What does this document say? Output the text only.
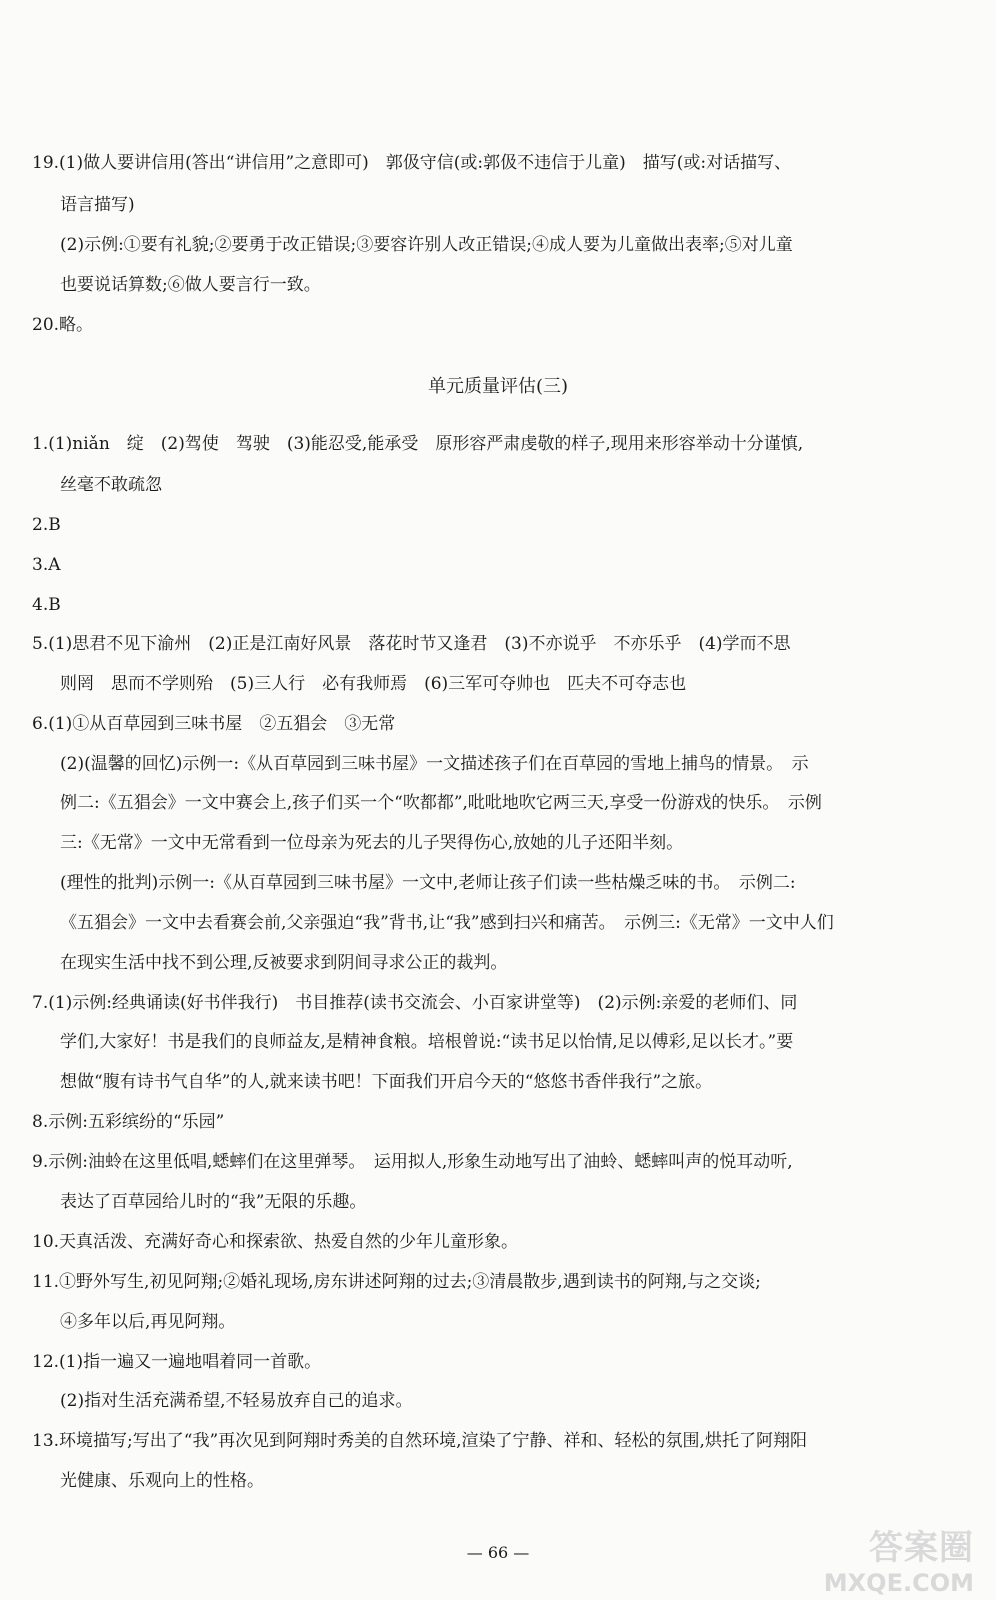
19.(1)做人要讲信用(答出“讲信用”之意即可)　郭伋守信(或:郭伋不违信于儿童)　描写(或:对话描写、
语言描写)
(2)示例:①要有礼貌;②要勇于改正错误;③要容许别人改正错误;④成人要为儿童做出表率;⑤对儿童
也要说话算数;⑥做人要言行一致。
20.略。
单元质量评估(三)
1.(1)niǎn　绽　(2)驾使　驾驶　(3)能忍受,能承受　原形容严肃虔敬的样子,现用来形容举动十分谨慎,
丝毫不敢疏忽
2.B
3.A
4.B
5.(1)思君不见下渝州　(2)正是江南好风景　落花时节又逢君　(3)不亦说乎　不亦乐乎　(4)学而不思
则罔　思而不学则殆　(5)三人行　必有我师焉　(6)三军可夺帅也　匹夫不可夺志也
6.(1)①从百草园到三味书屋　②五猖会　③无常
(2)(温馨的回忆)示例一:《从百草园到三味书屋》一文描述孩子们在百草园的雪地上捕鸟的情景。　示
例二:《五猖会》一文中赛会上,孩子们买一个“吹都都”,吡吡地吹它两三天,享受一份游戏的快乐。　示例
三:《无常》一文中无常看到一位母亲为死去的儿子哭得伤心,放她的儿子还阳半刻。
(理性的批判)示例一:《从百草园到三味书屋》一文中,老师让孩子们读一些枯燥乏味的书。　示例二:
《五猖会》一文中去看赛会前,父亲强迫“我”背书,让“我”感到扫兴和痛苦。　示例三:《无常》一文中人们
在现实生活中找不到公理,反被要求到阴间寻求公正的裁判。
7.(1)示例:经典诵读(好书伴我行)　书目推荐(读书交流会、小百家讲堂等)　(2)示例:亲爱的老师们、同
学们,大家好！书是我们的良师益友,是精神食粮。培根曾说:“读书足以怡情,足以傅彩,足以长才。”要
想做“腹有诗书气自华”的人,就来读书吧！下面我们开启今天的“悠悠书香伴我行”之旅。
8.示例:五彩缤纷的“乐园”
9.示例:油蛉在这里低唱,蟋蟀们在这里弹琴。　运用拟人,形象生动地写出了油蛉、蟋蟀叫声的悦耳动听,
表达了百草园给儿时的“我”无限的乐趣。
10.天真活泼、充满好奇心和探索欲、热爱自然的少年儿童形象。
11.①野外写生,初见阿翔;②婚礼现场,房东讲述阿翔的过去;③清晨散步,遇到读书的阿翔,与之交谈;
④多年以后,再见阿翔。
12.(1)指一遍又一遍地唱着同一首歌。
(2)指对生活充满希望,不轻易放弃自己的追求。
13.环境描写;写出了“我”再次见到阿翔时秀美的自然环境,渲染了宁静、祥和、轻松的氛围,烘托了阿翔阳
光健康、乐观向上的性格。
— 66 —	答案圈
MXQE.COM
